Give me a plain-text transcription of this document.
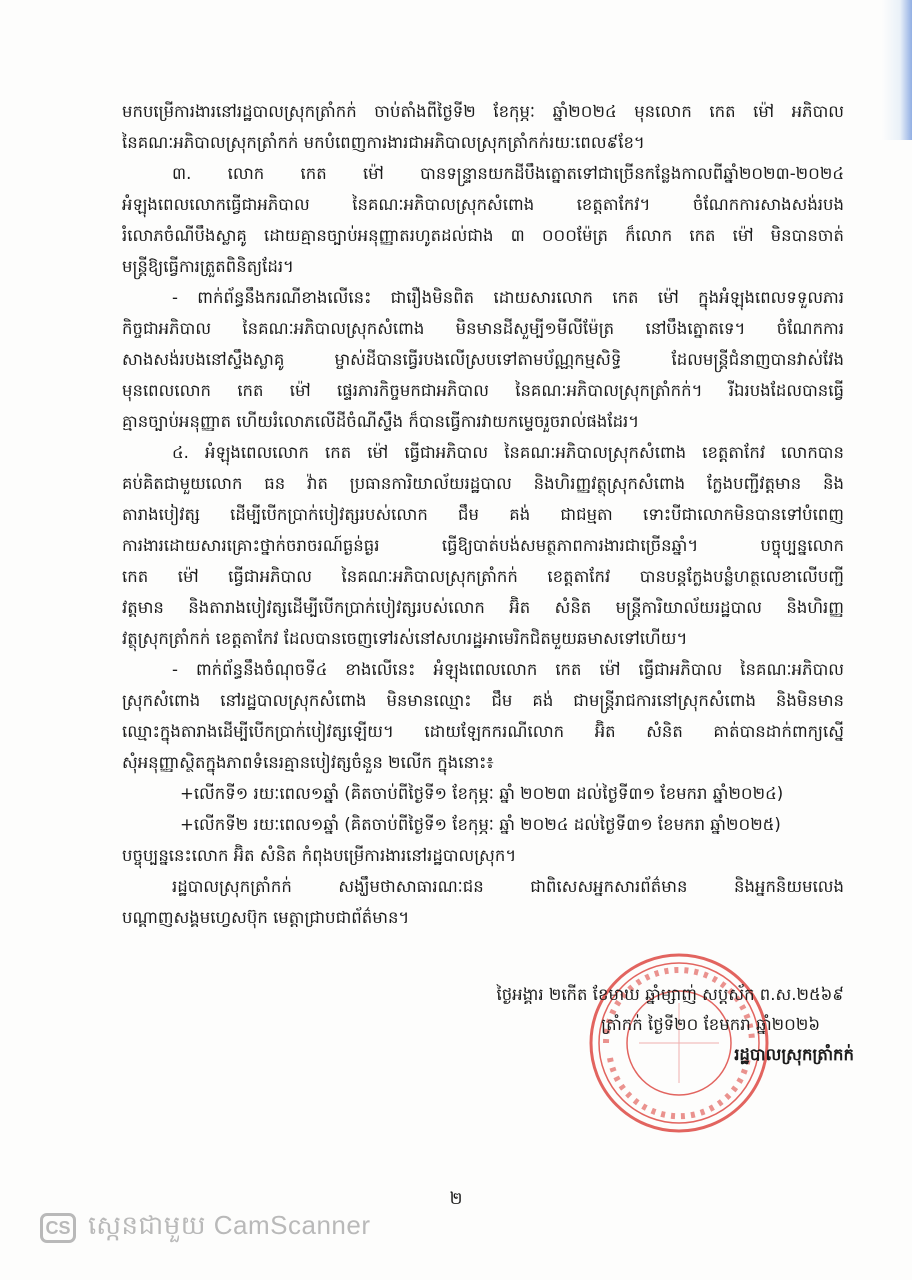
មកបម្រើការងារនៅរដ្ឋបាលស្រុកត្រាំកក់ ចាប់តាំងពីថ្ងៃទី២ ខែកុម្ភៈ ឆ្នាំ២០២៤ មុនលោក កេត ម៉ៅ អភិបាល
នៃគណៈអភិបាលស្រុកត្រាំកក់ មកបំពេញការងារជាអភិបាលស្រុកត្រាំកក់រយៈពេល៩ខែ។
៣. លោក កេត ម៉ៅ បានទន្ទ្រានយកដីបឹងត្នោតទៅជាច្រើនកន្លែងកាលពីឆ្នាំ២០២៣-២០២៤
អំឡុងពេលលោកធ្វើជាអភិបាល នៃគណៈអភិបាលស្រុកសំពោង ខេត្តតាកែវ។ ចំណែកការសាងសង់របង
រំលោភចំណីបឹងស្លាគូ ដោយគ្មានច្បាប់អនុញ្ញាតរហូតដល់ជាង ៣ ០០០ម៉ែត្រ ក៏លោក កេត ម៉ៅ មិនបានចាត់
មន្ត្រីឱ្យធ្វើការត្រួតពិនិត្យដែរ។
- ពាក់ព័ន្ធនឹងករណីខាងលើនេះ ជារឿងមិនពិត ដោយសារលោក កេត ម៉ៅ ក្នុងអំឡុងពេលទទួលភារ
កិច្ចជាអភិបាល នៃគណៈអភិបាលស្រុកសំពោង មិនមានដីសួម្បី១មីលីម៉ែត្រ នៅបឹងត្នោតទេ។ ចំណែកការ
សាងសង់របងនៅស្ទឹងស្លាគូ ម្ចាស់ដីបានធ្វើរបងលើស្របទៅតាមប័ណ្ណកម្មសិទ្ធិ ដែលមន្ត្រីជំនាញបានវាស់វែង
មុនពេលលោក កេត ម៉ៅ ផ្ទេរភារកិច្ចមកជាអភិបាល នៃគណៈអភិបាលស្រុកត្រាំកក់។ រីឯរបងដែលបានធ្វើ
គ្មានច្បាប់អនុញ្ញាត ហើយរំលោភលើដីចំណីស្ទឹង ក៏បានធ្វើការវាយកម្ទេចរួចរាល់ផងដែរ។
៤. អំឡុងពេលលោក កេត ម៉ៅ ធ្វើជាអភិបាល នៃគណៈអភិបាលស្រុកសំពោង ខេត្តតាកែវ លោកបាន
គប់គិតជាមួយលោក ធន វ៉ាត ប្រធានការិយាល័យរដ្ឋបាល និងហិរញ្ញវត្ថុស្រុកសំពោង ក្លែងបញ្ជីវត្តមាន និង
តារាងបៀវត្ស ដើម្បីបើកប្រាក់បៀវត្សរបស់លោក ជឹម គង់ ជាជម្មតា ទោះបីជាលោកមិនបានទៅបំពេញ
ការងារដោយសារគ្រោះថ្នាក់ចរាចរណ៍ធ្ងន់ធ្ងរ ធ្វើឱ្យបាត់បង់សមត្ថភាពការងារជាច្រើនឆ្នាំ។ បច្ចុប្បន្នលោក
កេត ម៉ៅ ធ្វើជាអភិបាល នៃគណៈអភិបាលស្រុកត្រាំកក់ ខេត្តតាកែវ បានបន្តក្លែងបន្លំហត្ថលេខាលើបញ្ជី
វត្តមាន និងតារាងបៀវត្សដើម្បីបើកប្រាក់បៀវត្សរបស់លោក អ៊ិត សំនិត មន្ត្រីការិយាល័យរដ្ឋបាល និងហិរញ្ញ
វត្ថុស្រុកត្រាំកក់ ខេត្តតាកែវ ដែលបានចេញទៅរស់នៅសហរដ្ឋអាមេរិកជិតមួយឆមាសទៅហើយ។
- ពាក់ព័ន្ធនឹងចំណុចទី៤ ខាងលើនេះ អំឡុងពេលលោក កេត ម៉ៅ ធ្វើជាអភិបាល នៃគណៈអភិបាល
ស្រុកសំពោង នៅរដ្ឋបាលស្រុកសំពោង មិនមានឈ្មោះ ជឹម គង់ ជាមន្ត្រីរាជការនៅស្រុកសំពោង និងមិនមាន
ឈ្មោះក្នុងតារាងដើម្បីបើកប្រាក់បៀវត្សឡើយ។ ដោយឡែកករណីលោក អ៊ិត សំនិត គាត់បានដាក់ពាក្យស្នើ
សុំអនុញ្ញាស្ថិតក្នុងភាពទំនេរគ្មានបៀវត្សចំនួន ២លើក ក្នុងនោះ៖
+លើកទី១ រយៈពេល១ឆ្នាំ (គិតចាប់ពីថ្ងៃទី១ ខែកុម្ភៈ ឆ្នាំ ២០២៣ ដល់ថ្ងៃទី៣១ ខែមករា ឆ្នាំ២០២៤)
+លើកទី២ រយៈពេល១ឆ្នាំ (គិតចាប់ពីថ្ងៃទី១ ខែកុម្ភៈ ឆ្នាំ ២០២៤ ដល់ថ្ងៃទី៣១ ខែមករា ឆ្នាំ២០២៥)
បច្ចុប្បន្ននេះលោក អ៊ិត សំនិត កំពុងបម្រើការងារនៅរដ្ឋបាលស្រុក។
រដ្ឋបាលស្រុកត្រាំកក់ សង្ឃឹមថាសាធារណៈជន ជាពិសេសអ្នកសារព័ត៌មាន និងអ្នកនិយមលេង
បណ្តាញសង្គមហ្វេសប៊ុក មេត្តាជ្រាបជាព័ត៌មាន។
ថ្ងៃអង្គារ ២កើត ខែមាឃ ឆ្នាំម្សាញ់ សប្តស័ក ព.ស.២៥៦៩
ត្រាំកក់ ថ្ងៃទី២០ ខែមករា ឆ្នាំ២០២៦
រដ្ឋបាលស្រុកត្រាំកក់
២
CS ស្កេនជាមួយ CamScanner
